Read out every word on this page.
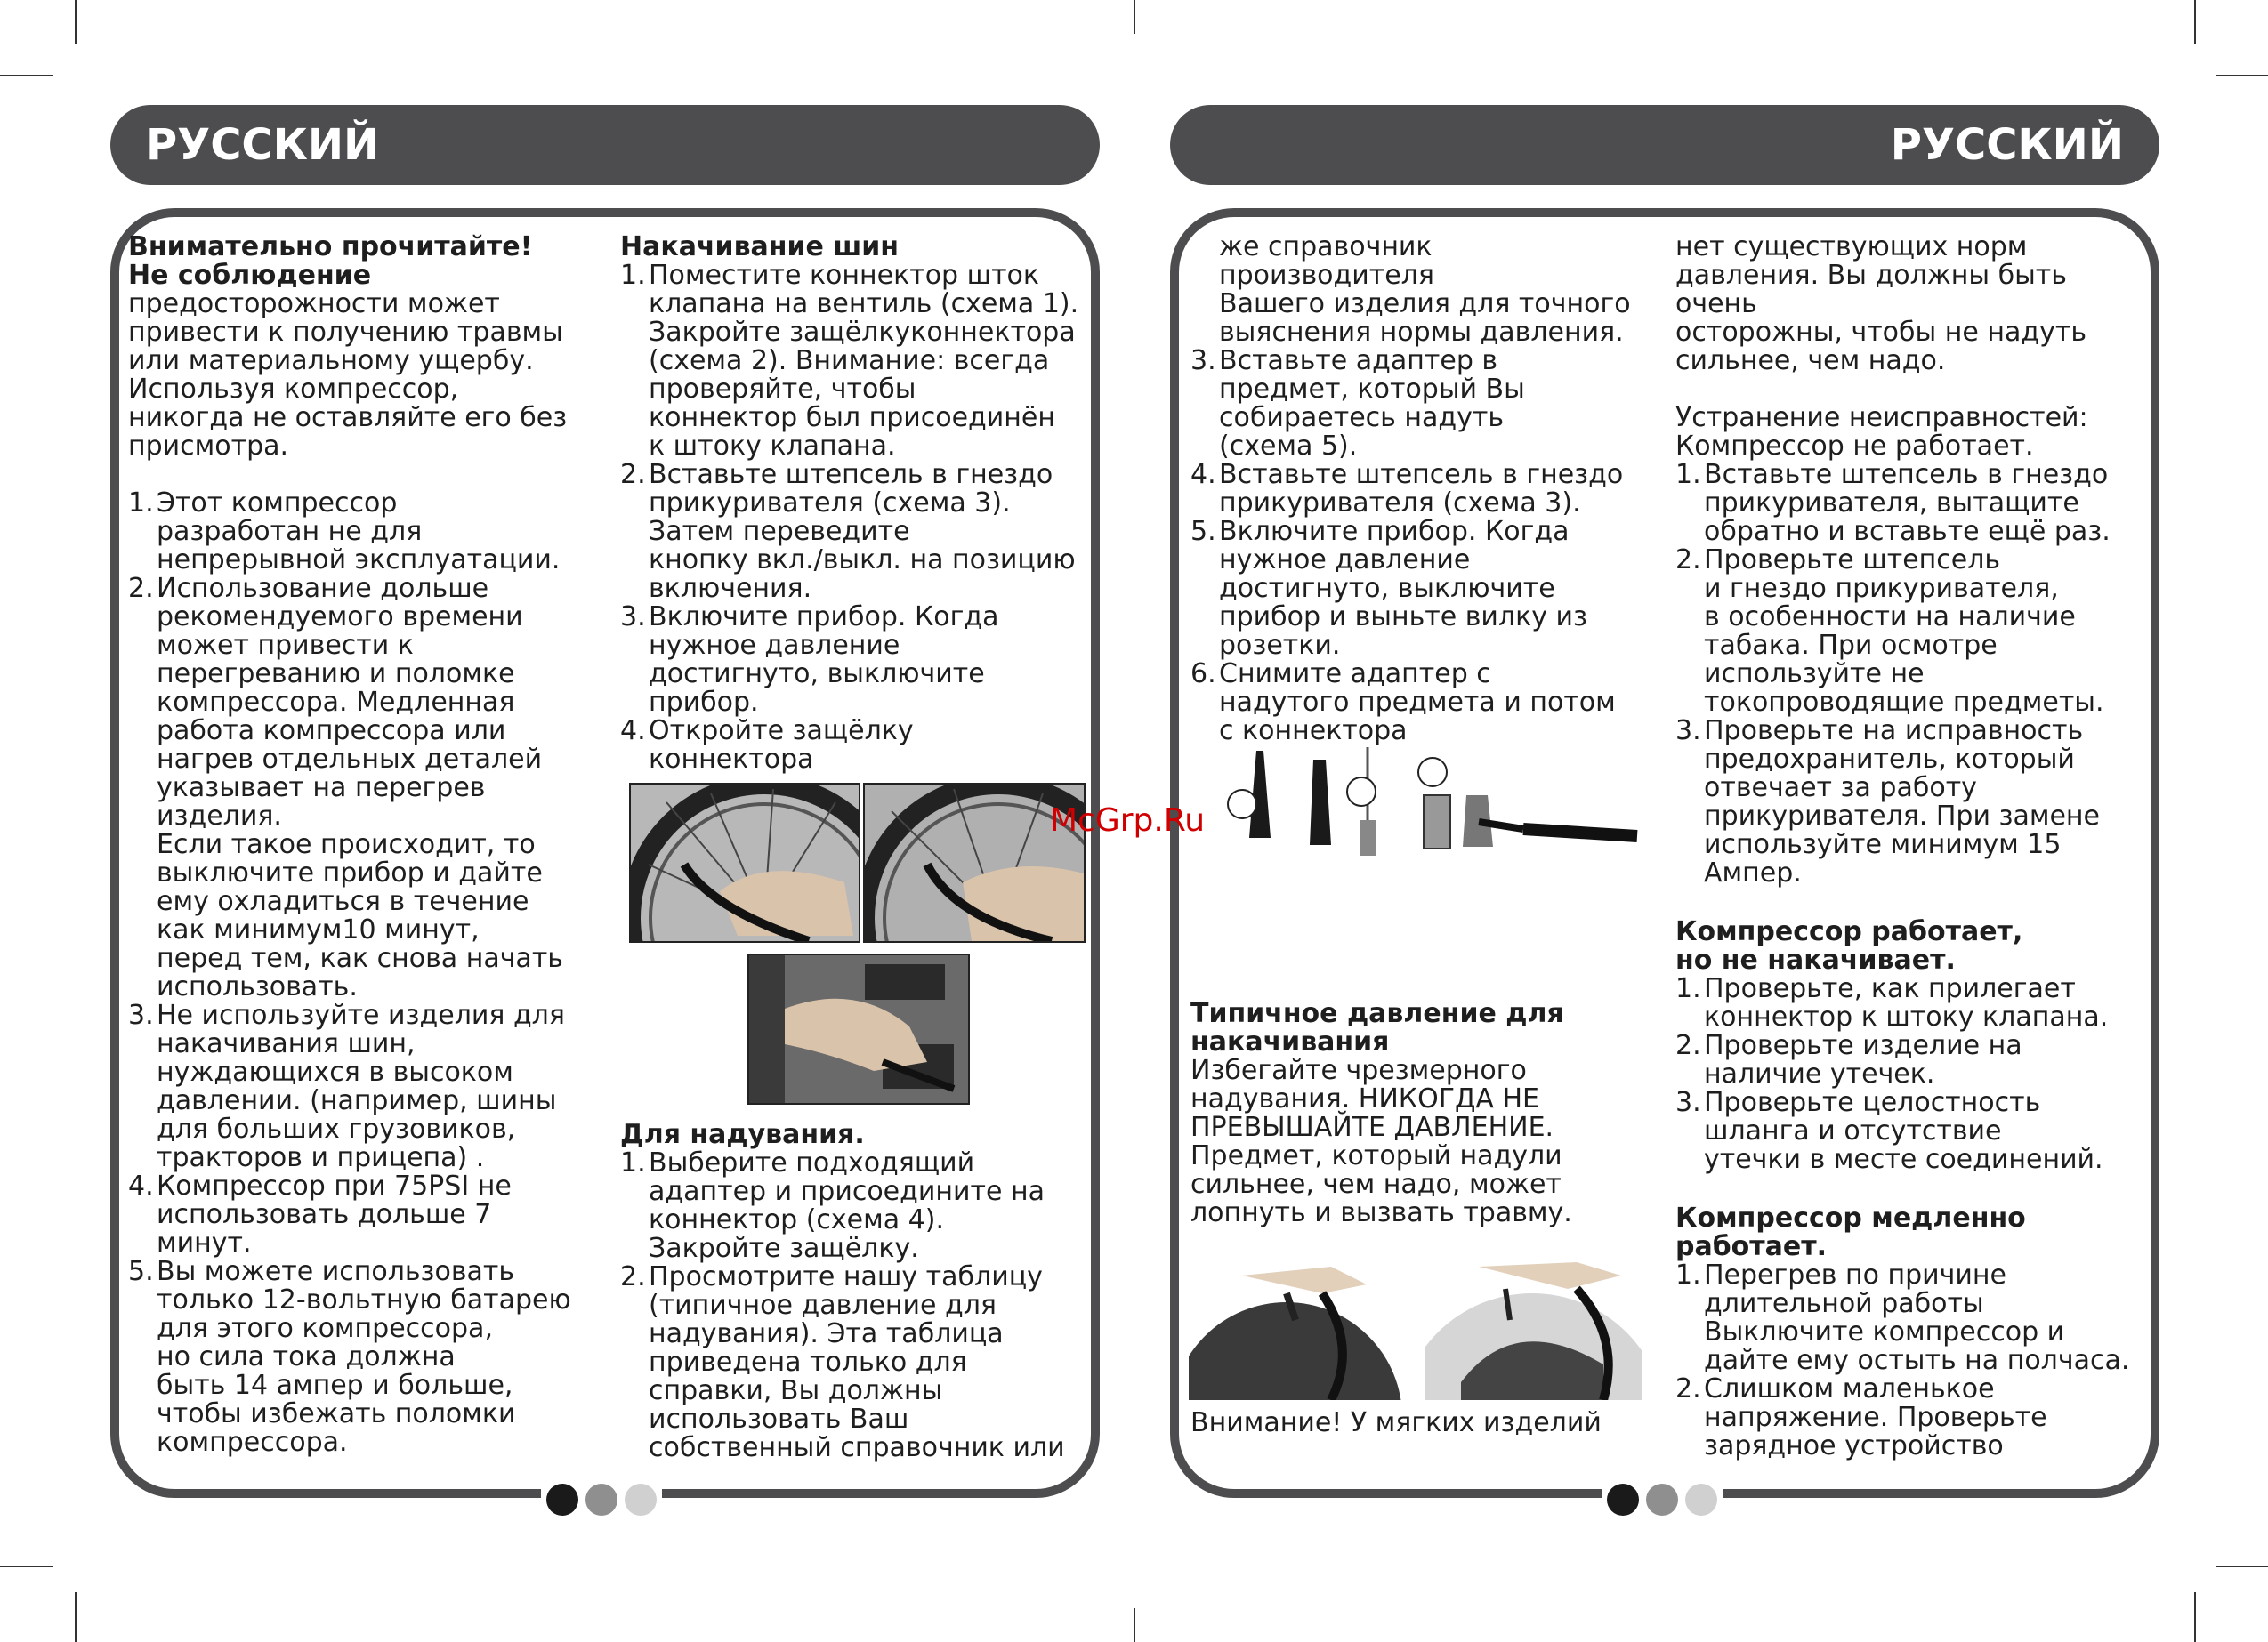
РУССКИЙ	РУССКИЙ

Внимательно прочитайте!

Не соблюдение

предосторожности может

привести к получению травмы

или материальному ущербу.

Используя компрессор,

никогда не оставляйте его без

присмотра.

1. Этот компрессор

разработан не для

непрерывной эксплуатации.

2. Использование дольше

рекомендуемого времени

может привести к

перегреванию и поломке

компрессора. Медленная

работа компрессора или

нагрев отдельных деталей

указывает на перегрев

изделия.

Если такое происходит, то

выключите прибор и дайте

ему охладиться в течение

как минимум10 минут,

перед тем, как снова начать

использовать.

3. Не используйте изделия для

накачивания шин,

нуждающихся в высоком

давлении. (например, шины

для больших грузовиков,

тракторов и прицепа) .

4. Компрессор при 75PSI не

использовать дольше 7 минут.

5. Вы можете использовать

только 12-вольтную батарею

для этого компрессора,

но сила тока должна

быть 14 ампер и больше,

чтобы избежать поломки

компрессора.

Накачивание шин

1. Поместите коннектор шток

клапана на вентиль (схема 1).

Закройте защёлкуконнектора

(схема 2). Внимание: всегда

проверяйте, чтобы

коннектор был присоединён

к штоку клапана.

2. Вставьте штепсель в гнездо

прикуривателя (схема 3).

Затем переведите

кнопку вкл./выкл. на позицию

включения.

3. Включите прибор. Когда

нужное давление

достигнуто, выключите

прибор.

4. Откройте защёлку

коннектора

Для надувания.

1. Выберите подходящий

адаптер и присоедините на

коннектор (схема 4).

Закройте защёлку.

2. Просмотрите нашу таблицу

(типичное давление для

надувания). Эта таблица

приведена только для

справки, Вы должны

использовать Ваш

собственный справочник или

же справочник производителя

Вашего изделия для точного

выяснения нормы давления.

3. Вставьте адаптер в

предмет, который Вы

собираетесь надуть

(схема 5).

4. Вставьте штепсель в гнездо

прикуривателя (схема 3).

5. Включите прибор. Когда

нужное давление

достигнуто, выключите

прибор и выньте вилку из

розетки.

6. Снимите адаптер с

надутого предмета и потом

с коннектора

McGrp.Ru

Типичное давление для

накачивания

Избегайте чрезмерного

надувания. НИКОГДА НЕ

ПРЕВЫШАЙТЕ ДАВЛЕНИЕ.

Предмет, который надули

сильнее, чем надо, может

лопнуть и вызвать травму.

Внимание! У мягких изделий

нет существующих норм

давления. Вы должны быть очень

осторожны, чтобы не надуть

сильнее, чем надо.

Устранение неисправностей:

Компрессор не работает.

1. Вставьте штепсель в гнездо

прикуривателя, вытащите

обратно и вставьте ещё раз.

2. Проверьте штепсель

и гнездо прикуривателя,

в особенности на наличие

табака. При осмотре

используйте не

токопроводящие предметы.

3. Проверьте на исправность

предохранитель, который

отвечает за работу

прикуривателя. При замене

используйте минимум 15

Ампер.

Компрессор работает,

но не накачивает.

1. Проверьте, как прилегает

коннектор к штоку клапана.

2. Проверьте изделие на

наличие утечек.

3. Проверьте целостность

шланга и отсутствие

утечки в месте соединений.

Компрессор медленно

работает.

1. Перегрев по причине

длительной работы

Выключите компрессор и

дайте ему остыть на полчаса.

2. Слишком маленькое

напряжение. Проверьте

зарядное устройство
